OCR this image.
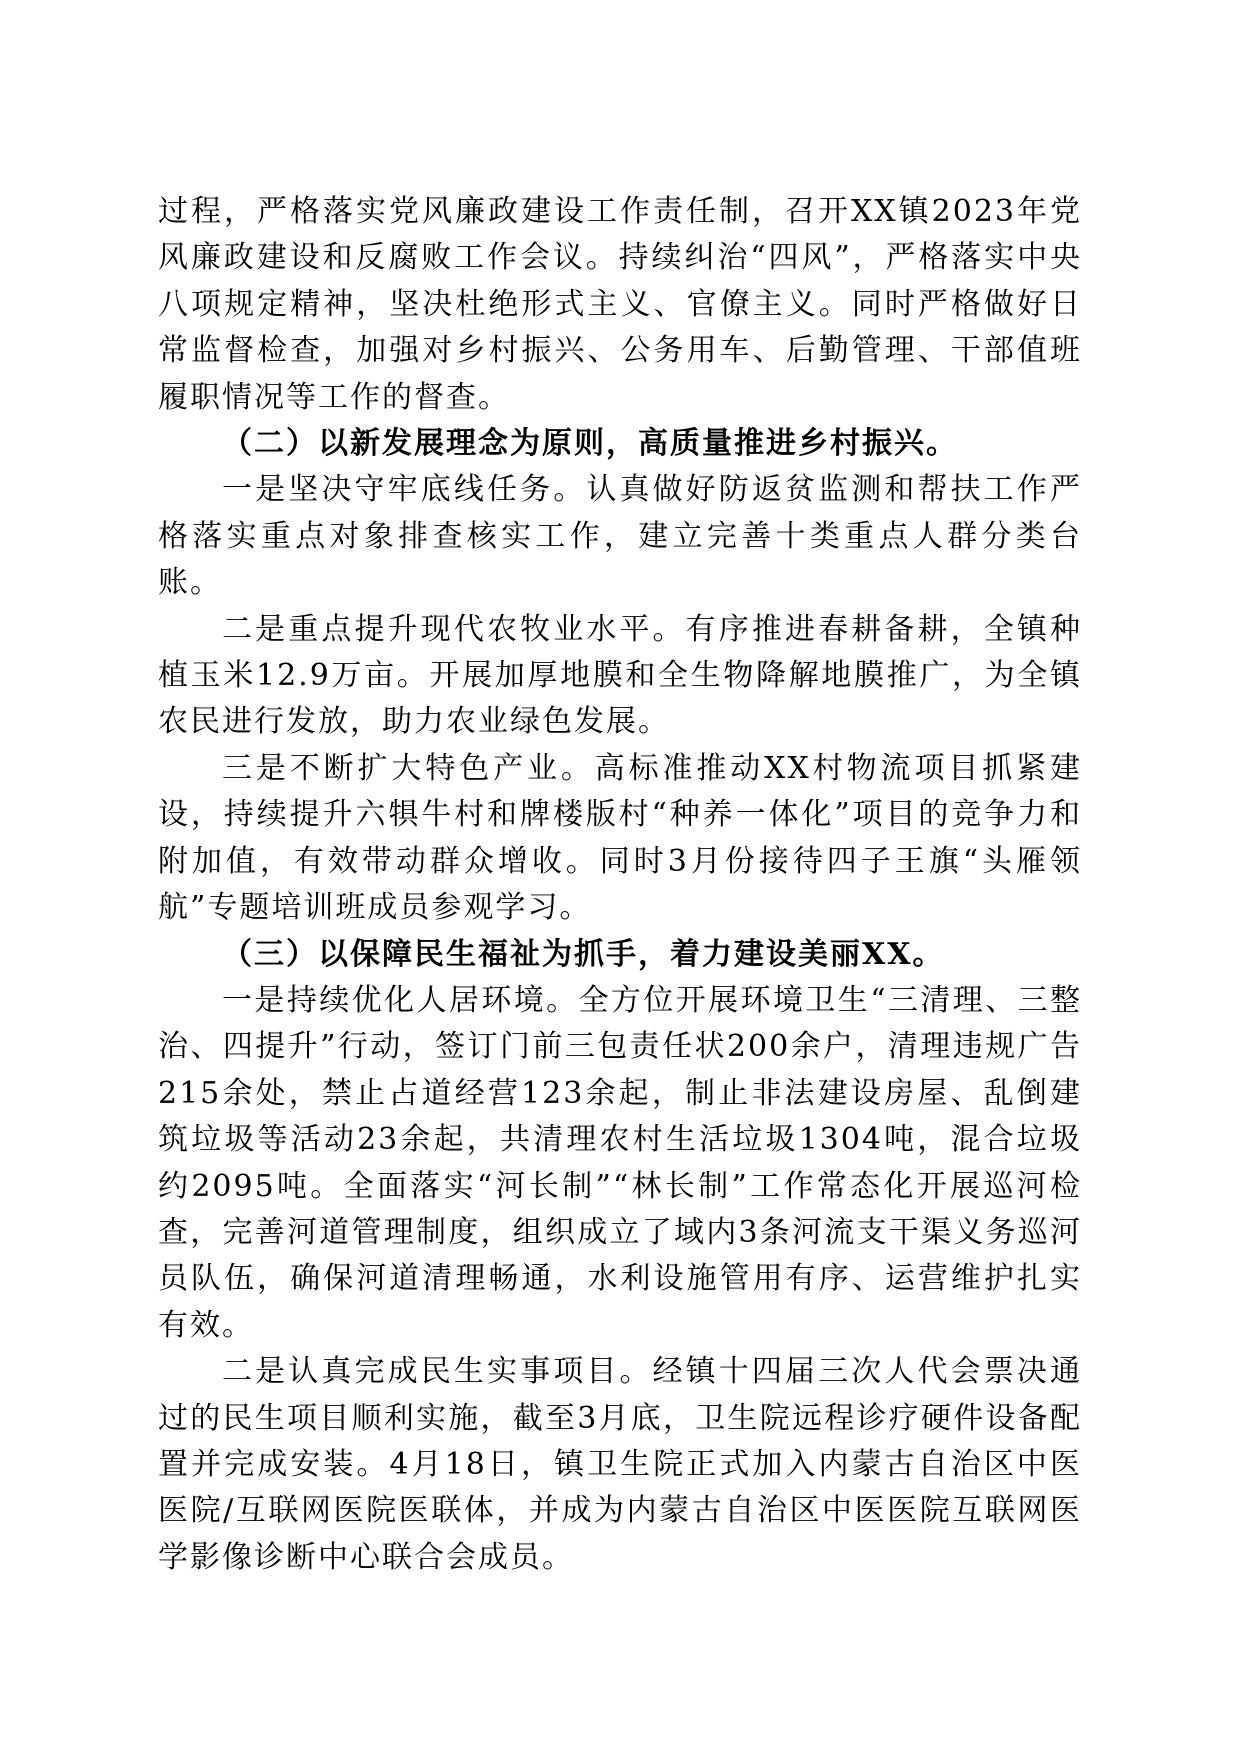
过程，严格落实党风廉政建设工作责任制，召开XX镇2023年党风廉政建设和反腐败工作会议。持续纠治“四风”，严格落实中央八项规定精神，坚决杜绝形式主义、官僚主义。同时严格做好日常监督检查，加强对乡村振兴、公务用车、后勤管理、干部值班履职情况等工作的督查。

（二）以新发展理念为原则，高质量推进乡村振兴。

一是坚决守牢底线任务。认真做好防返贫监测和帮扶工作严格落实重点对象排查核实工作，建立完善十类重点人群分类台账。

二是重点提升现代农牧业水平。有序推进春耕备耕，全镇种植玉米12.9万亩。开展加厚地膜和全生物降解地膜推广，为全镇农民进行发放，助力农业绿色发展。

三是不断扩大特色产业。高标准推动XX村物流项目抓紧建设，持续提升六犋牛村和牌楼版村“种养一体化”项目的竞争力和附加值，有效带动群众增收。同时3月份接待四子王旗“头雁领航”专题培训班成员参观学习。

（三）以保障民生福祉为抓手，着力建设美丽XX。

一是持续优化人居环境。全方位开展环境卫生“三清理、三整治、四提升”行动，签订门前三包责任状200余户，清理违规广告215余处，禁止占道经营123余起，制止非法建设房屋、乱倒建筑垃圾等活动23余起，共清理农村生活垃圾1304吨，混合垃圾约2095吨。全面落实“河长制”“林长制”工作常态化开展巡河检查，完善河道管理制度，组织成立了域内3条河流支干渠义务巡河员队伍，确保河道清理畅通，水利设施管用有序、运营维护扎实有效。

二是认真完成民生实事项目。经镇十四届三次人代会票决通过的民生项目顺利实施，截至3月底，卫生院远程诊疗硬件设备配置并完成安装。4月18日，镇卫生院正式加入内蒙古自治区中医医院/互联网医院医联体，并成为内蒙古自治区中医医院互联网医学影像诊断中心联合会成员。
